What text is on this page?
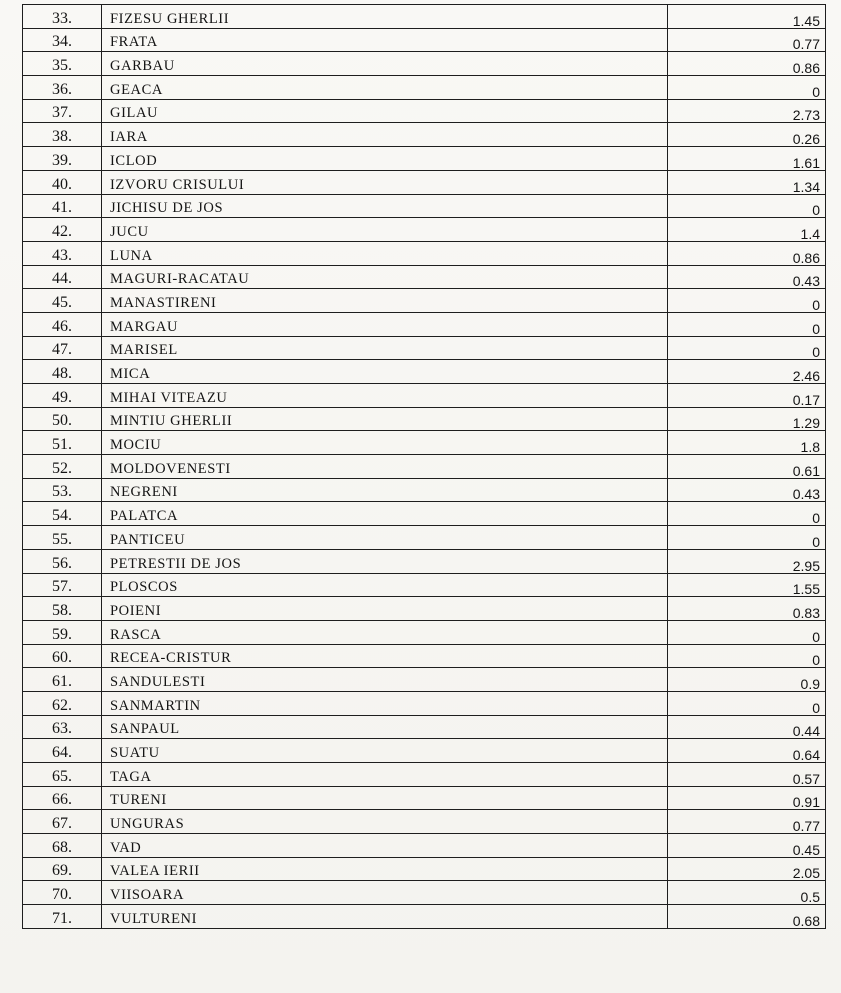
33.	FIZESU GHERLII	1.45
34.	FRATA	0.77
35.	GARBAU	0.86
36.	GEACA	0
37.	GILAU	2.73
38.	IARA	0.26
39.	ICLOD	1.61
40.	IZVORU CRISULUI	1.34
41.	JICHISU DE JOS	0
42.	JUCU	1.4
43.	LUNA	0.86
44.	MAGURI-RACATAU	0.43
45.	MANASTIRENI	0
46.	MARGAU	0
47.	MARISEL	0
48.	MICA	2.46
49.	MIHAI VITEAZU	0.17
50.	MINTIU GHERLII	1.29
51.	MOCIU	1.8
52.	MOLDOVENESTI	0.61
53.	NEGRENI	0.43
54.	PALATCA	0
55.	PANTICEU	0
56.	PETRESTII DE JOS	2.95
57.	PLOSCOS	1.55
58.	POIENI	0.83
59.	RASCA	0
60.	RECEA-CRISTUR	0
61.	SANDULESTI	0.9
62.	SANMARTIN	0
63.	SANPAUL	0.44
64.	SUATU	0.64
65.	TAGA	0.57
66.	TURENI	0.91
67.	UNGURAS	0.77
68.	VAD	0.45
69.	VALEA IERII	2.05
70.	VIISOARA	0.5
71.	VULTURENI	0.68
